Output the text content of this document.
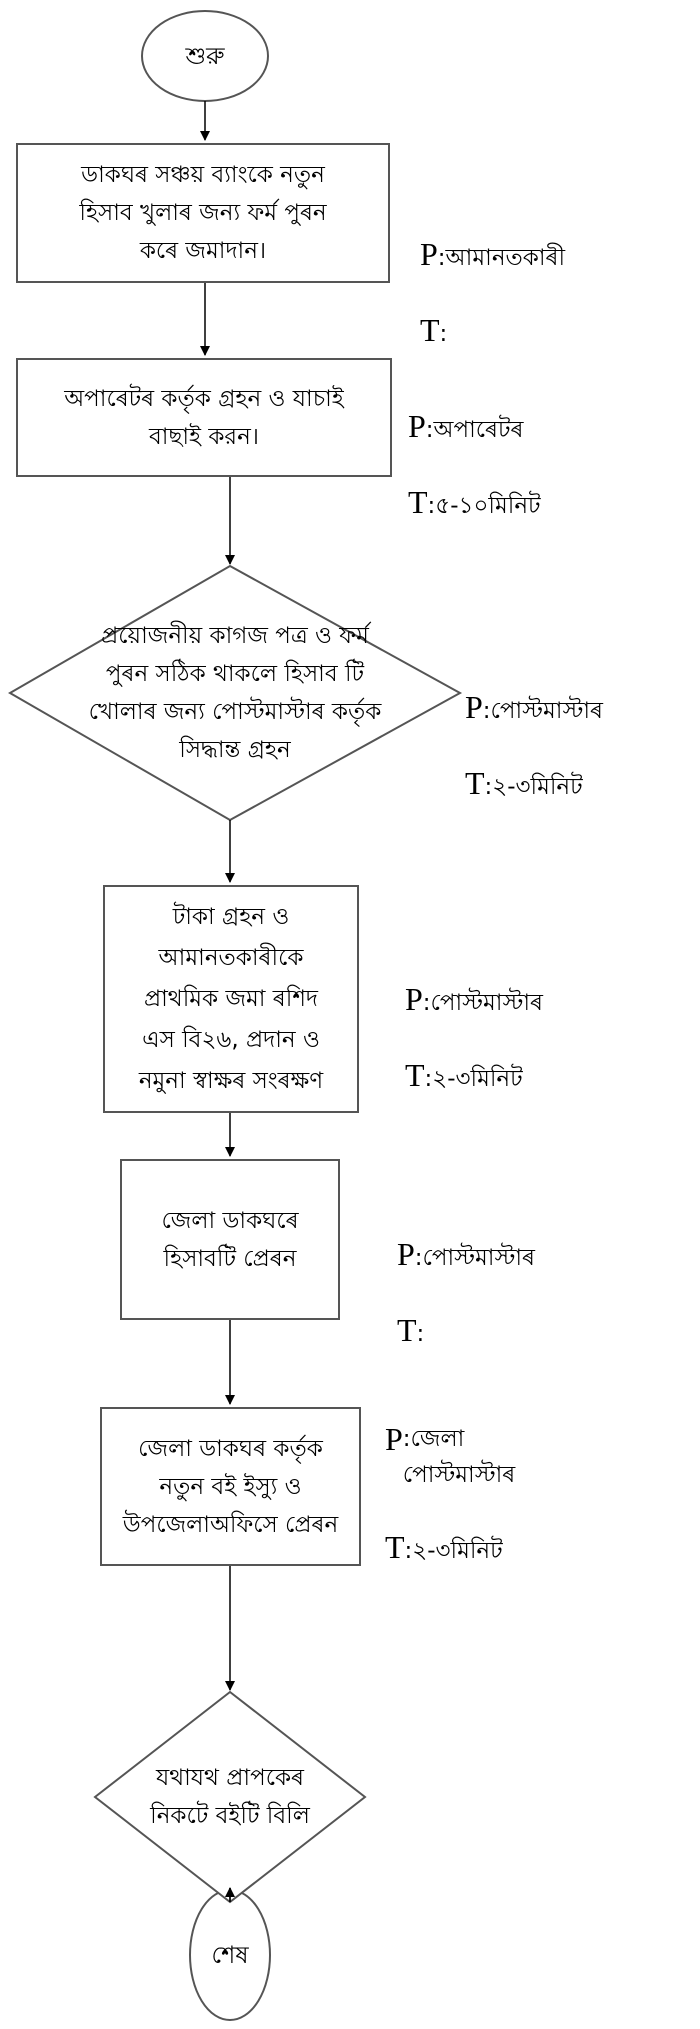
শুরু
ডাকঘৰ সঞ্চয় ব্যাংকে নতুন
হিসাব খুলাৰ জন্য ফৰ্ম পুৰন
কৰে জমাদান।
অপাৰেটৰ কর্তৃক গ্রহন ও যাচাই
বাছাই করন।
প্রয়োজনীয় কাগজ পত্র ও ফৰ্ম
পুৰন সঠিক থাকলে হিসাব টি
খোলাৰ জন্য পোস্টমাস্টাৰ কর্তৃক
সিদ্ধান্ত গ্রহন
টাকা গ্রহন ও
আমানতকাৰীকে
প্রাথমিক জমা ৰশিদ
এস বি২৬, প্রদান ও
নমুনা স্বাক্ষৰ সংৰক্ষণ
জেলা ডাকঘৰে
হিসাবটি প্রেৰন
জেলা ডাকঘৰ কর্তৃক
নতুন বই ইস্যু ও
উপজেলাঅফিসে প্রেৰন
যথাযথ প্রাপকেৰ
নিকটে বইটি বিলি
শেষ

P:আমানতকাৰী

T:

P:অপাৰেটৰ

T:৫-১০মিনিট

P:পোস্টমাস্টাৰ

T:২-৩মিনিট

P:পোস্টমাস্টাৰ

T:২-৩মিনিট

P:পোস্টমাস্টাৰ

T:

P :জেলা
পোস্টমাস্টাৰ

T:২-৩মিনিট
